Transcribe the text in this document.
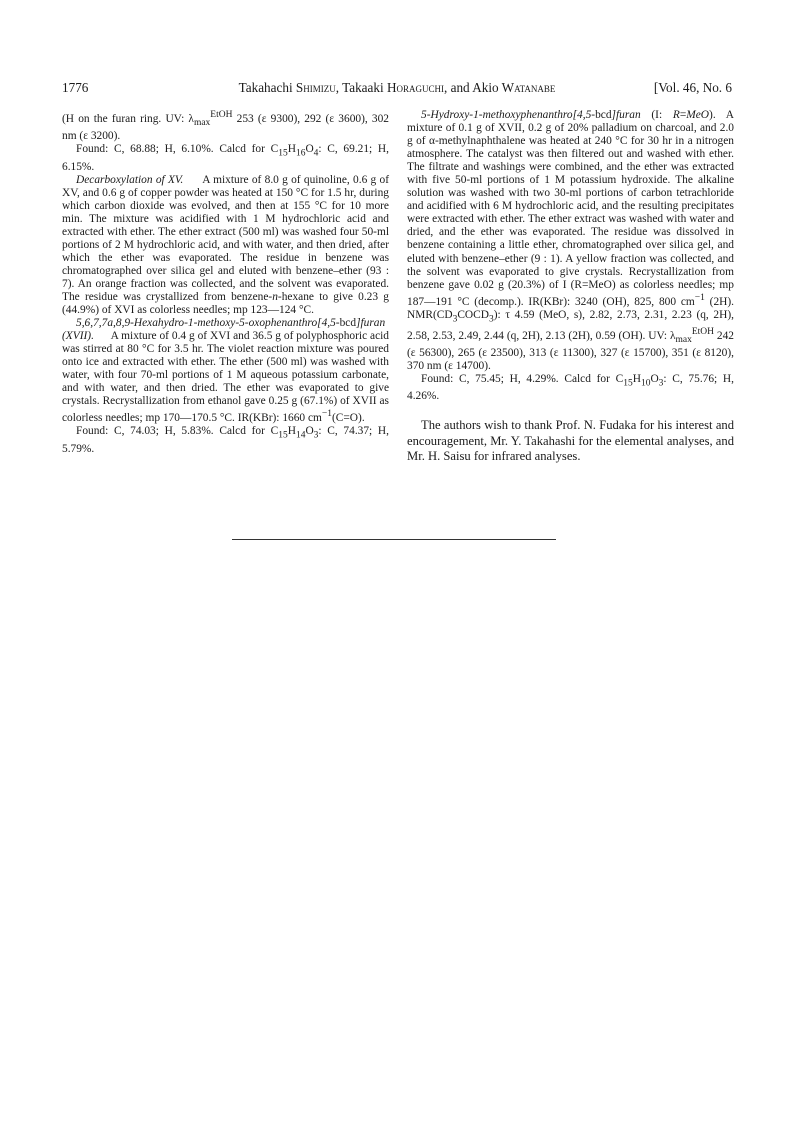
1776	Takahachi Shimizu, Takaaki Horaguchi, and Akio Watanabe	[Vol. 46, No. 6

(H on the furan ring. UV: $\lambda_{max}^{EtOH}$ 253 (ε 9300), 292 (ε 3600), 302 nm (ε 3200).

Found: C, 68.88; H, 6.10%. Calcd for $C_{15}H_{16}O_4$: C, 69.21; H, 6.15%.

Decarboxylation of XV.      A mixture of 8.0 g of quinoline, 0.6 g of XV, and 0.6 g of copper powder was heated at 150 °C for 1.5 hr, during which carbon dioxide was evolved, and then at 155 °C for 10 more min. The mixture was acidified with 1 M hydrochloric acid and extracted with ether. The ether extract (500 ml) was washed four 50-ml portions of 2 M hydrochloric acid, and with water, and then dried, after which the ether was evaporated. The residue in benzene was chromatographed over silica gel and eluted with benzene–ether (93 : 7). An orange fraction was collected, and the solvent was evaporated. The residue was crystallized from benzene-n-hexane to give 0.23 g (44.9%) of XVI as colorless needles; mp 123—124 °C.

5,6,7,7a,8,9-Hexahydro-1-methoxy-5-oxophenanthro[4,5-bcd]furan (XVII).      A mixture of 0.4 g of XVI and 36.5 g of polyphosphoric acid was stirred at 80 °C for 3.5 hr. The violet reaction mixture was poured onto ice and extracted with ether. The ether (500 ml) was washed with water, with four 70-ml portions of 1 M aqueous potassium carbonate, and with water, and then dried. The ether was evaporated to give crystals. Recrystallization from ethanol gave 0.25 g (67.1%) of XVII as colorless needles; mp 170—170.5 °C. IR(KBr): 1660 $cm^{-1}(C=O)$.

Found: C, 74.03; H, 5.83%. Calcd for $C_{15}H_{14}O_3$: C, 74.37; H, 5.79%.

5-Hydroxy-1-methoxyphenanthro[4,5-bcd]furan (I: R=MeO). A mixture of 0.1 g of XVII, 0.2 g of 20% palladium on charcoal, and 2.0 g of α-methylnaphthalene was heated at 240 °C for 30 hr in a nitrogen atmosphere. The catalyst was then filtered out and washed with ether. The filtrate and washings were combined, and the ether was extracted with five 50-ml portions of 1 M potassium hydroxide. The alkaline solution was washed with two 30-ml portions of carbon tetrachloride and acidified with 6 M hydrochloric acid, and the resulting precipitates were extracted with ether. The ether extract was washed with water and dried, and the ether was evaporated. The residue was dissolved in benzene containing a little ether, chromatographed over silica gel, and eluted with benzene–ether (9 : 1). A yellow fraction was collected, and the solvent was evaporated to give crystals. Recrystallization from benzene gave 0.02 g (20.3%) of I (R=MeO) as colorless needles; mp 187—191 °C (decomp.). IR(KBr): 3240 (OH), 825, 800 $cm^{-1}$ (2H). $NMR(CD_3COCD_3)$: τ 4.59 (MeO, s), 2.82, 2.73, 2.31, 2.23 (q, 2H), 2.58, 2.53, 2.49, 2.44 (q, 2H), 2.13 (2H), 0.59 (OH). UV: $\lambda_{max}^{EtOH}$ 242 (ε 56300), 265 (ε 23500), 313 (ε 11300), 327 (ε 15700), 351 (ε 8120), 370 nm (ε 14700).

Found: C, 75.45; H, 4.29%. Calcd for $C_{15}H_{10}O_3$: C, 75.76; H, 4.26%.

The authors wish to thank Prof. N. Fudaka for his interest and encouragement, Mr. Y. Takahashi for the elemental analyses, and Mr. H. Saisu for infrared analyses.
